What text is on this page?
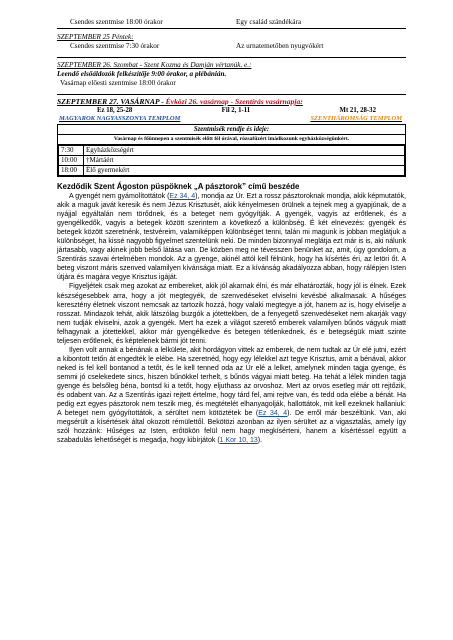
Csendes szentmise 18:00 órakor	Egy család szándékára
SZEPTEMBER 25 Péntek:
Csendes szentmise 7:30 órakor	Az urnatemetőben nyugvókért
SZEPTEMBER 26. Szombat - Szent Kozma és Damján vértanúk. e.:
Leendő elsőáldozók felkészítője 9:00 órakor, a plébánián.
Vasárnap előesti szentmise 18:00 órakor
SZEPTEMBER 27. VASÁRNAP - Évközi 26. vasárnap - Szentírás vasárnapja:
Ez 18, 25-28	Fil 2, 1-11	Mt 21, 28-32
MAGYAROK NAGYASSZONYA TEMPLOM	SZENTHÁROMSÁG TEMPLOM
Szentmisék rendje és ideje:
Vasárnap és főünnepen a szentmisék előtt fél órával, rózsafüzért imádkozunk egyházközségünkért.
7:30	Egyházközségért
10:00	†Mártáért
18:00	Élő gyermekért
Kezdődik Szent Ágoston püspöknek „A pásztorok” című beszéde

A gyengét nem gyámolítottátok (Ez 34, 4), mondja az Úr. Ezt a rossz pásztoroknak mondja, akik képmutatók, akik a maguk javát keresik és nem Jézus Krisztusét, akik kényelmesen örülnek a tejnek meg a gyapjúnak, de a nyájjal egyáltalán nem törődnek, és a beteget nem gyógyítják. A gyengék, vagyis az erőtlenek, és a gyengélkedők, vagyis a betegek között szerintem a következő a különbség. É két elnevezés: gyengék és betegek között szeretnénk, testvéreim, valamiképpen különbséget tenni, talán mi magunk is jobban meglátjuk a különbséget, ha kissé nagyobb figyelmet szentelünk neki. De minden bizonnyal meglátja ezt már is is, aki nálunk jártasabb, vagy akinek jobb belső látása van. De közben meg ne tévesszen benünket az, amit, úgy gondolom, a Szentírás szavai értelmében mondok. Az a gyenge, akinél attól kell félnünk, hogy ha kísértés éri, az letöri őt. A beteg viszont máris szenved valamilyen kívánsága miatt. Ez a kívánság akadályozza abban, hogy rálépjen Isten útjára és magára vegye Krisztus igáját.

Figyeljétek csak meg azokat az embereket, akik jól akarnak élni, és már elhatározták, hogy jól is élnek. Ezek készségesebbek arra, hogy a jót megtegyék, de szenvedéseket elviselni kevésbé alkalmasak. A hűséges keresztény életnek viszont nemcsak az tartozik hozzá, hogy valaki megtegye a jót, hanem az is, hogy elviselje a rosszat. Mindazok tehát, akik látszólag buzgók a jótettekben, de a fenyegető szenvedéseket nem akarják vagy nem tudják elviselni, azok a gyengék. Mert ha ezek a világot szerető emberek valamilyen bűnös vágyuk miatt felhagynak a jótettekkel, akkor már gyengélkedve és betegen tétlenkednek, és e betegségük miatt szinte teljesen erőtlenek, és képtelenek bármi jót tenni.

Ilyen volt annak a bénának a lelkülete, akit hordágyon vittek az emberek, de nem tudtak az Úr elé jutni, ezért a kibontott tetőn át engedték le elébe. Ha szeretnéd, hogy egy lélekkel azt tegye Krisztus, amit a bénával, akkor neked is fel kell bontanod a tetőt, és le kell tenned oda az Úr elé a lelket, amelynek minden tagja gyenge, és semmi jó cselekedete sincs, hiszen bűnökkel terhelt, s bűnös vágyai miatt beteg. Ha tehát a lélek minden tagja gyenge és belsőleg béna, bontsd ki a tetőt, hogy eljuthass az orvoshoz. Mert az orvos esetleg már ott rejtőzik, és odabent van. Az a Szentírás igazi rejtett értelme, hogy tárd fel, ami rejtve van, és tedd oda elébe a bénát. Ha pedig ezt egyes pásztorok nem teszik meg, és megtételét elhanyagolják, hallottátok, mit kell ezeknek hallaniuk: A beteget nem gyógyítottátok, a sérültet nem kötöztétek be (Ez 34, 4). De erről már beszéltünk. Van, aki megsérült a kísértések által okozott rémülettől. Bekötözi azonban az ilyen sérültet az a vigasztalás, amely így szól hozzánk: Hűséges az Isten, erőtökön felül nem hagy megkísérteni, hanem a kísértéssel együtt a szabadulás lehetőségét is megadja, hogy kibírjátok (1 Kor 10, 13).
